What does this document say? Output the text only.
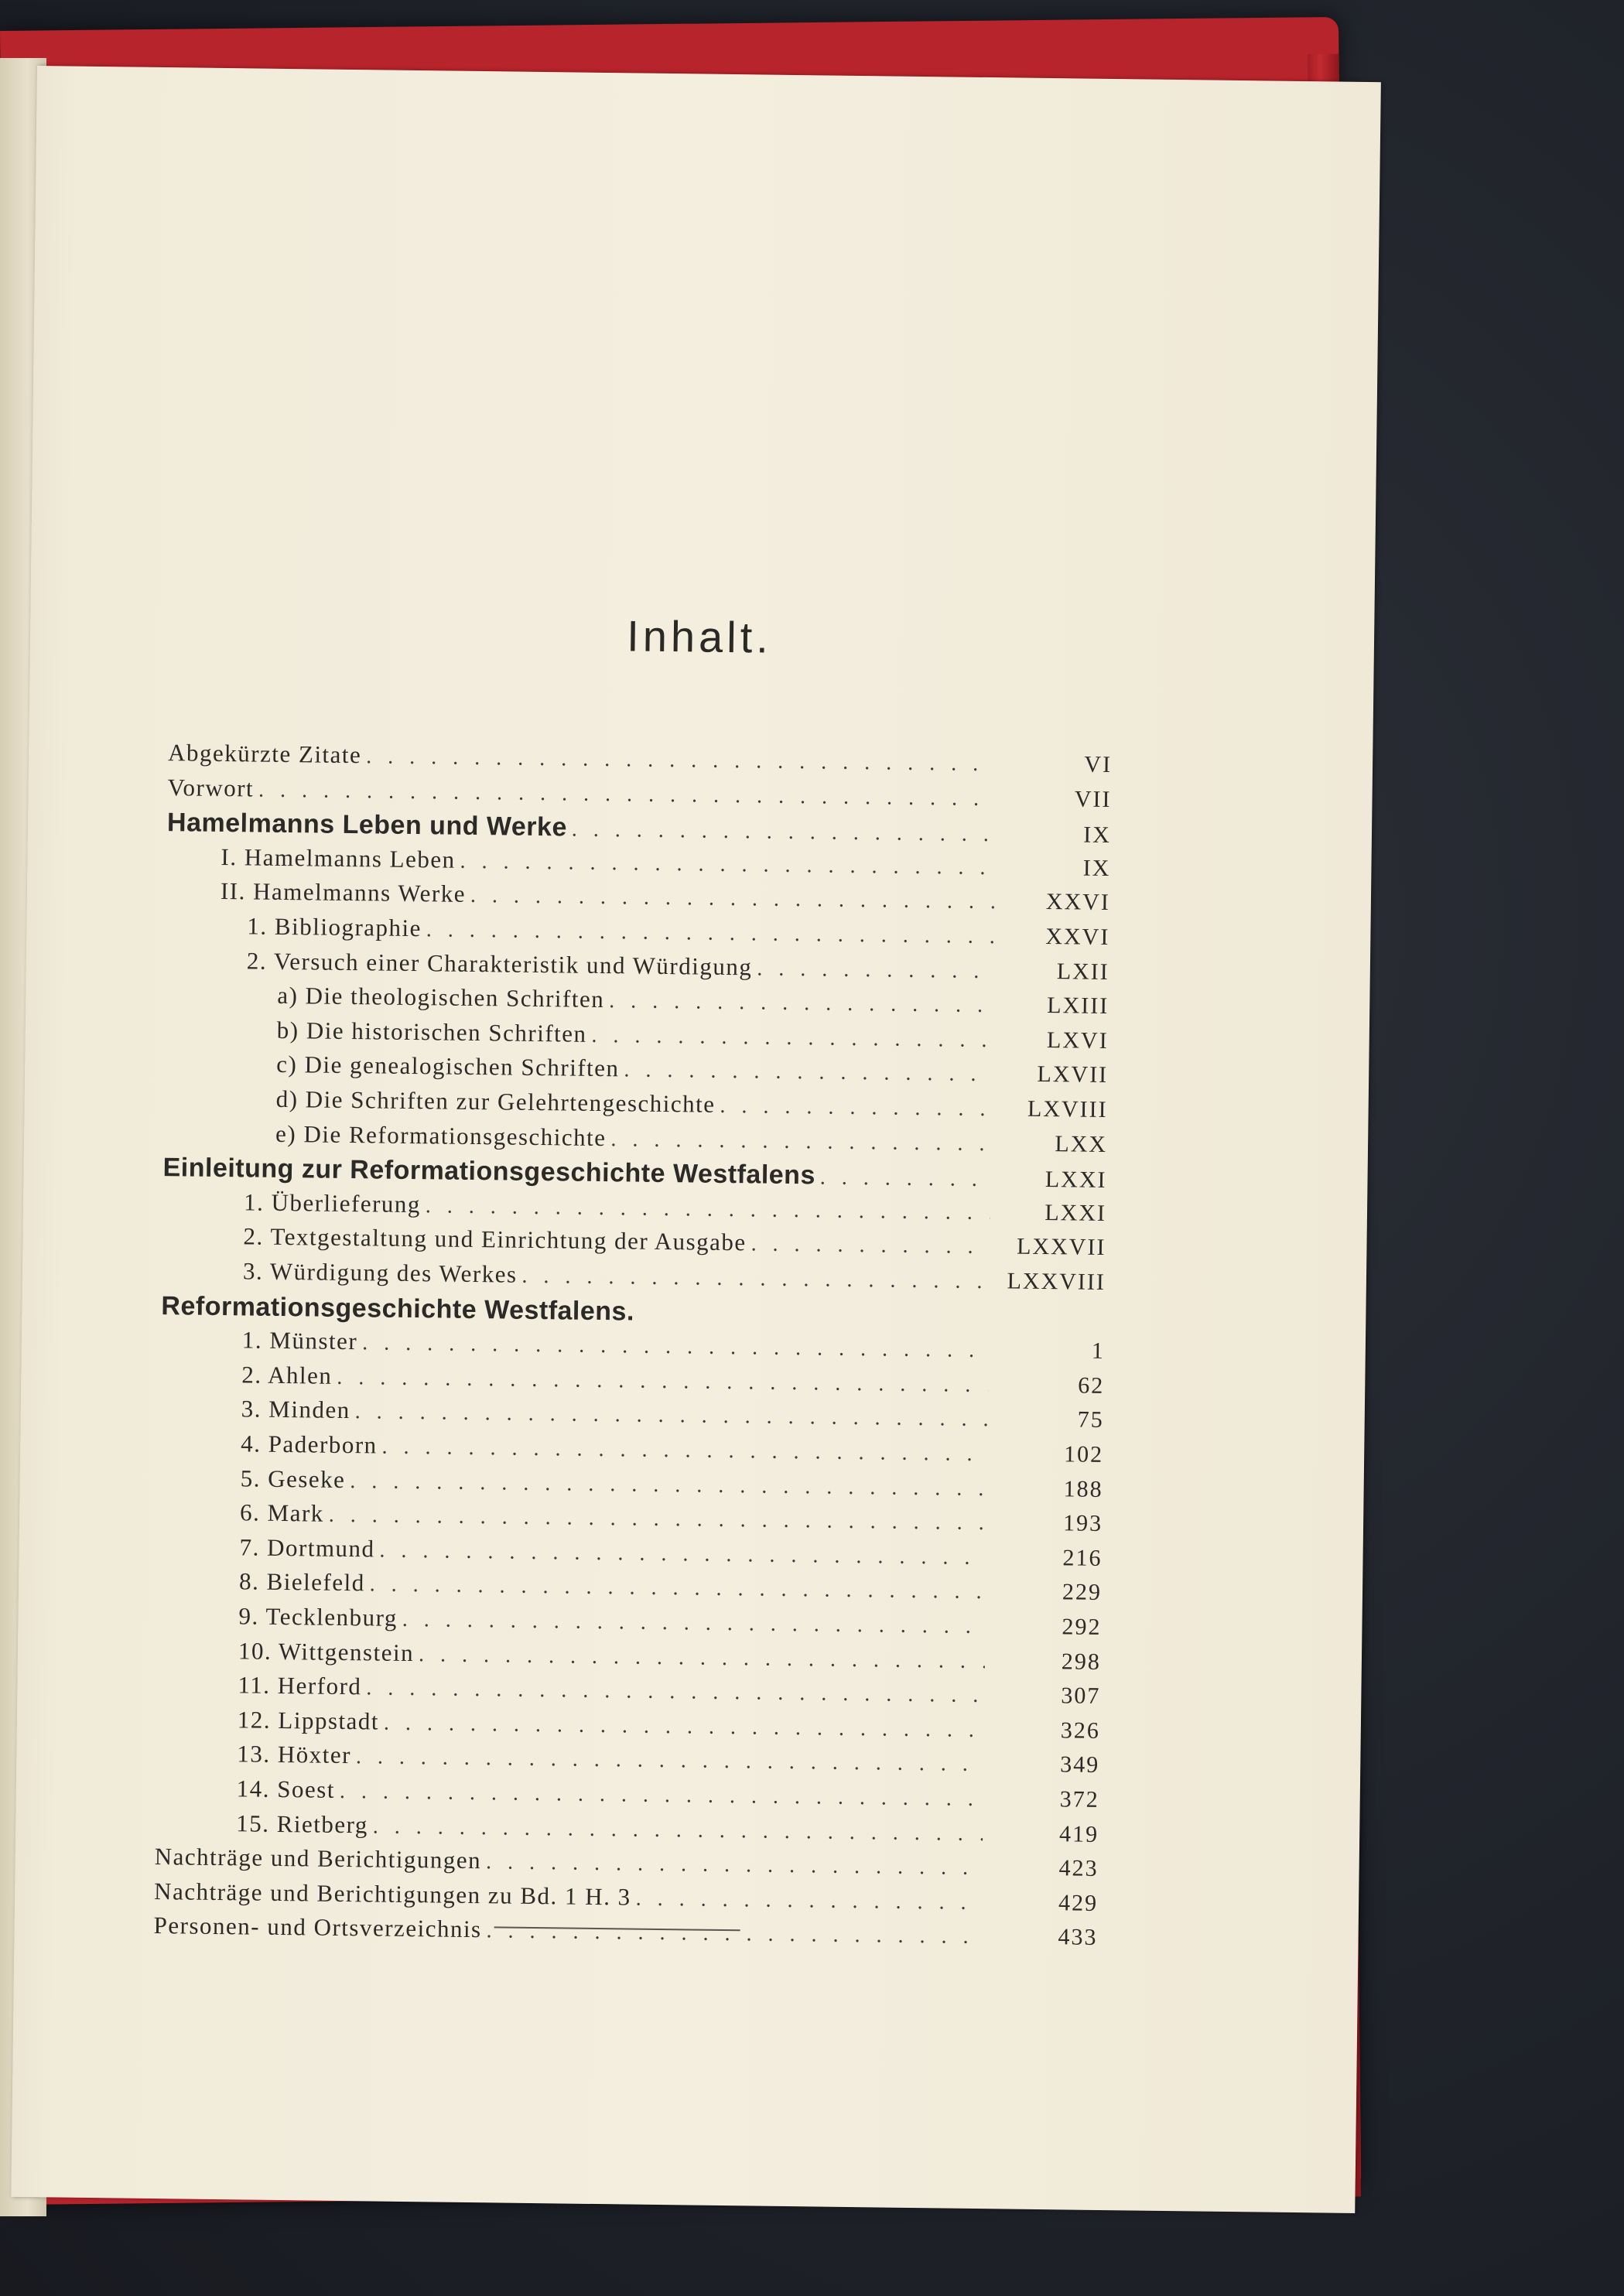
Inhalt.
Abgekürzte Zitate . . .	VI
Vorwort . . .	VII
Hamelmanns Leben und Werke . . .	IX
I. Hamelmanns Leben . . .	IX
II. Hamelmanns Werke . . .	XXVI
1. Bibliographie . . .	XXVI
2. Versuch einer Charakteristik und Würdigung . . .	LXII
a) Die theologischen Schriften . . .	LXIII
b) Die historischen Schriften . . .	LXVI
c) Die genealogischen Schriften . . .	LXVII
d) Die Schriften zur Gelehrtengeschichte . . .	LXVIII
e) Die Reformationsgeschichte . . .	LXX
Einleitung zur Reformationsgeschichte Westfalens . . .	LXXI
1. Überlieferung . . .	LXXI
2. Textgestaltung und Einrichtung der Ausgabe . . .	LXXVII
3. Würdigung des Werkes . . .	LXXVIII
Reformationsgeschichte Westfalens.
1. Münster . . .	1
2. Ahlen . . .	62
3. Minden . . .	75
4. Paderborn . . .	102
5. Geseke . . .	188
6. Mark . . .	193
7. Dortmund . . .	216
8. Bielefeld . . .	229
9. Tecklenburg . . .	292
10. Wittgenstein . . .	298
11. Herford . . .	307
12. Lippstadt . . .	326
13. Höxter . . .	349
14. Soest . . .	372
15. Rietberg . . .	419
Nachträge und Berichtigungen . . .	423
Nachträge und Berichtigungen zu Bd. 1 H. 3 . . .	429
Personen- und Ortsverzeichnis . . .	433
